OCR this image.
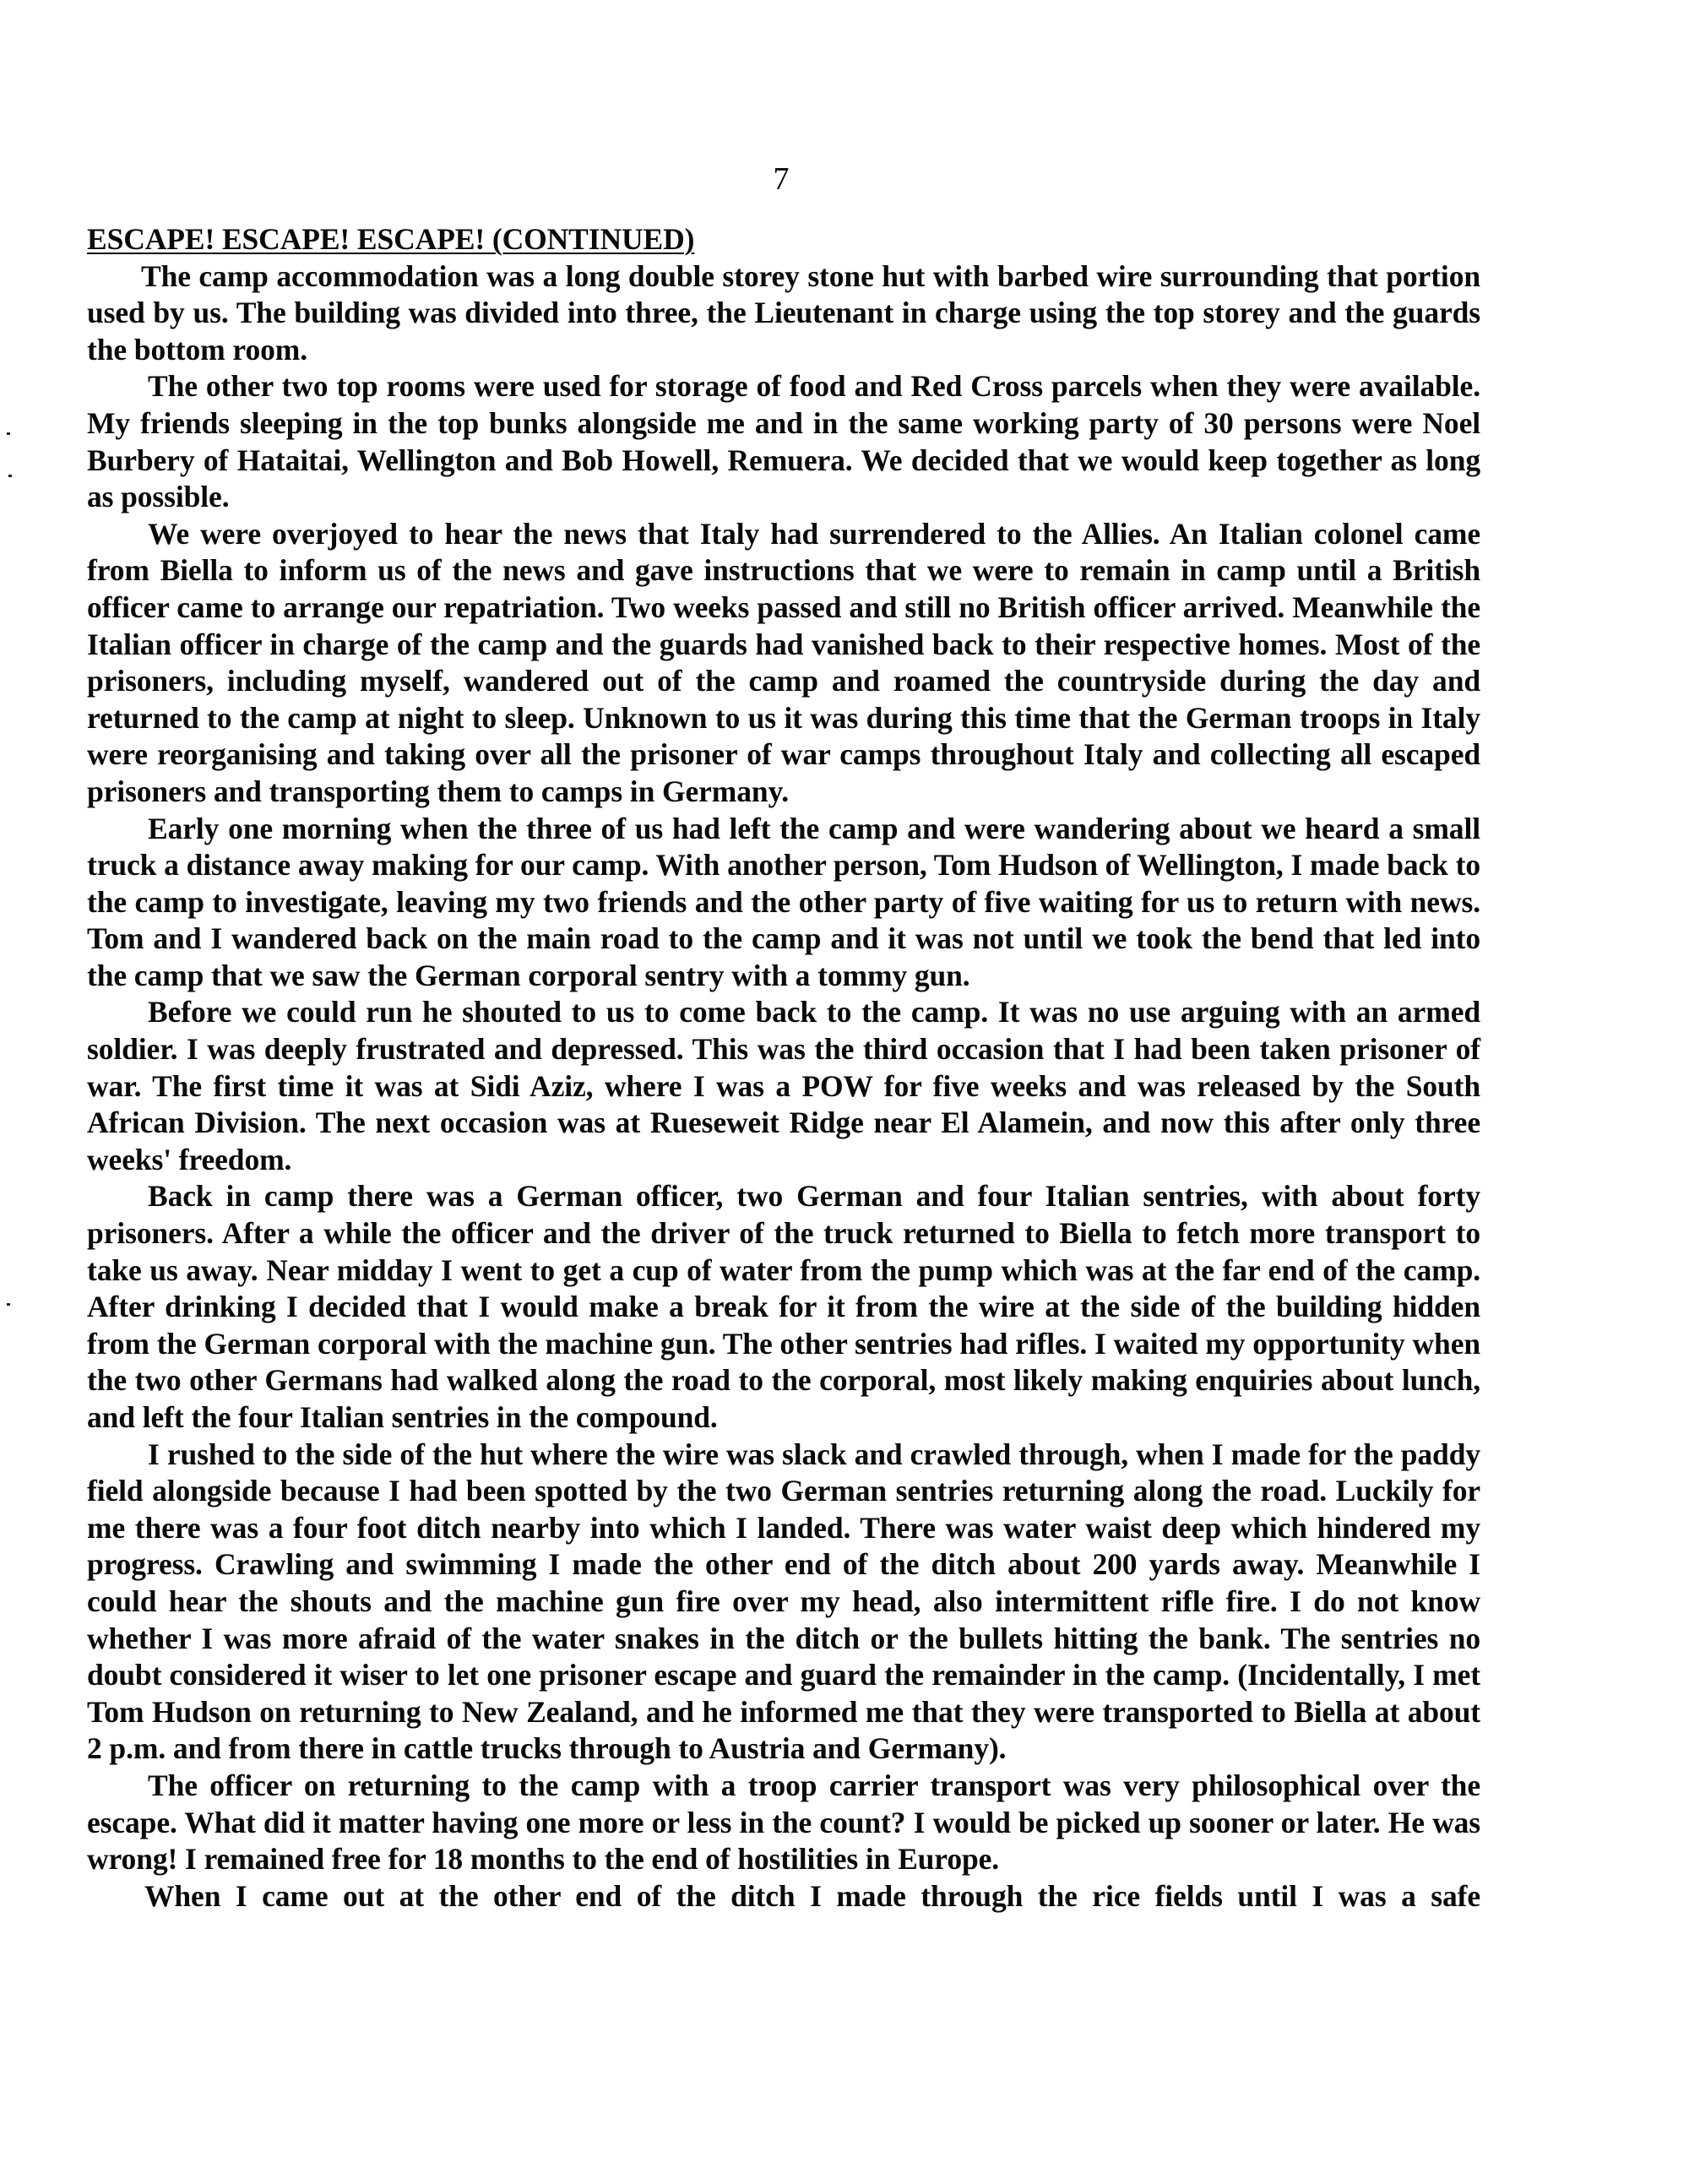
7

ESCAPE! ESCAPE! ESCAPE! (CONTINUED)

The camp accommodation was a long double storey stone hut with barbed wire surrounding that portion used by us. The building was divided into three, the Lieutenant in charge using the top storey and the guards the bottom room.

The other two top rooms were used for storage of food and Red Cross parcels when they were available. My friends sleeping in the top bunks alongside me and in the same working party of 30 persons were Noel Burbery of Hataitai, Wellington and Bob Howell, Remuera. We decided that we would keep together as long as possible.

We were overjoyed to hear the news that Italy had surrendered to the Allies. An Italian colonel came from Biella to inform us of the news and gave instructions that we were to remain in camp until a British officer came to arrange our repatriation. Two weeks passed and still no British officer arrived. Meanwhile the Italian officer in charge of the camp and the guards had vanished back to their respective homes. Most of the prisoners, including myself, wandered out of the camp and roamed the countryside during the day and returned to the camp at night to sleep. Unknown to us it was during this time that the German troops in Italy were reorganising and taking over all the prisoner of war camps throughout Italy and collecting all escaped prisoners and transporting them to camps in Germany.

Early one morning when the three of us had left the camp and were wandering about we heard a small truck a distance away making for our camp. With another person, Tom Hudson of Wellington, I made back to the camp to investigate, leaving my two friends and the other party of five waiting for us to return with news. Tom and I wandered back on the main road to the camp and it was not until we took the bend that led into the camp that we saw the German corporal sentry with a tommy gun.

Before we could run he shouted to us to come back to the camp. It was no use arguing with an armed soldier. I was deeply frustrated and depressed. This was the third occasion that I had been taken prisoner of war. The first time it was at Sidi Aziz, where I was a POW for five weeks and was released by the South African Division. The next occasion was at Rueseweit Ridge near El Alamein, and now this after only three weeks' freedom.

Back in camp there was a German officer, two German and four Italian sentries, with about forty prisoners. After a while the officer and the driver of the truck returned to Biella to fetch more transport to take us away. Near midday I went to get a cup of water from the pump which was at the far end of the camp. After drinking I decided that I would make a break for it from the wire at the side of the building hidden from the German corporal with the machine gun. The other sentries had rifles. I waited my opportunity when the two other Germans had walked along the road to the corporal, most likely making enquiries about lunch, and left the four Italian sentries in the compound.

I rushed to the side of the hut where the wire was slack and crawled through, when I made for the paddy field alongside because I had been spotted by the two German sentries returning along the road. Luckily for me there was a four foot ditch nearby into which I landed. There was water waist deep which hindered my progress. Crawling and swimming I made the other end of the ditch about 200 yards away. Meanwhile I could hear the shouts and the machine gun fire over my head, also intermittent rifle fire. I do not know whether I was more afraid of the water snakes in the ditch or the bullets hitting the bank. The sentries no doubt considered it wiser to let one prisoner escape and guard the remainder in the camp. (Incidentally, I met Tom Hudson on returning to New Zealand, and he informed me that they were transported to Biella at about 2 p.m. and from there in cattle trucks through to Austria and Germany).

The officer on returning to the camp with a troop carrier transport was very philosophical over the escape. What did it matter having one more or less in the count? I would be picked up sooner or later. He was wrong! I remained free for 18 months to the end of hostilities in Europe.

When I came out at the other end of the ditch I made through the rice fields until I was a safe
